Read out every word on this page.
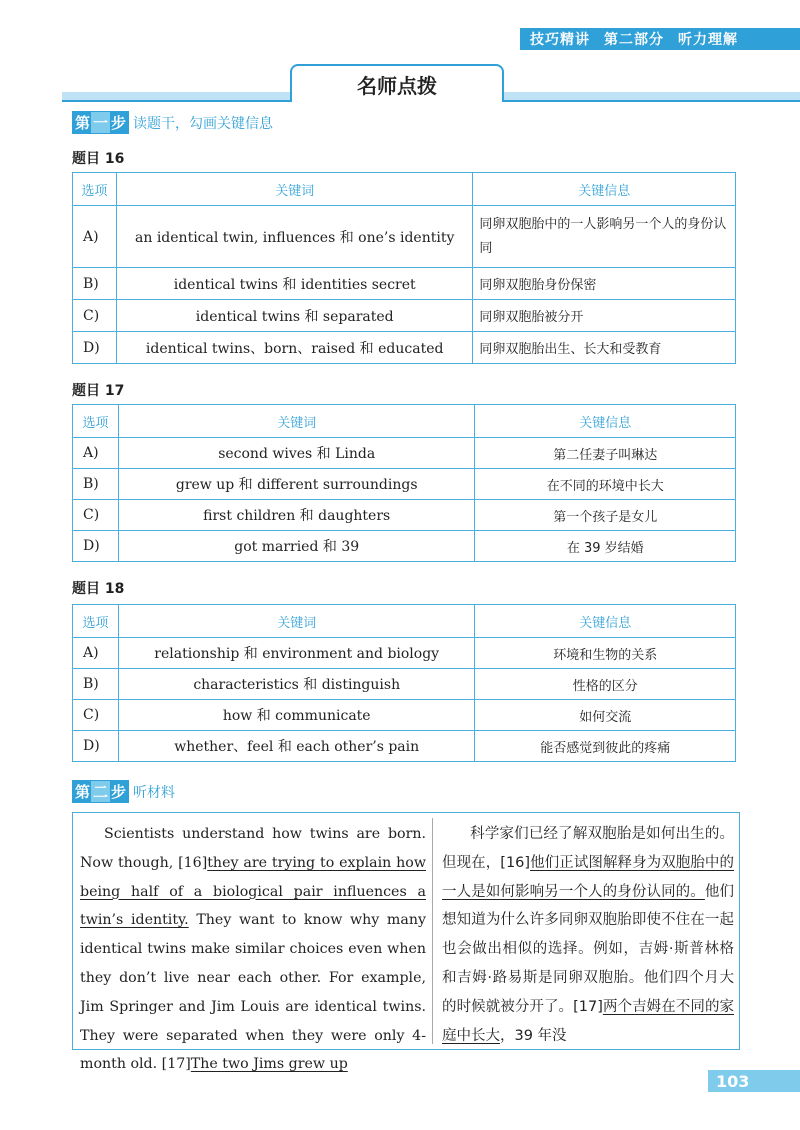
技巧精讲 第二部分 听力理解
名师点拨
第 一 步 读题干，勾画关键信息
题目 16
选项	关键词	关键信息
A)	an identical twin, influences 和 one’s identity	同卵双胞胎中的一人影响另一个人的身份认同
B)	identical twins 和 identities secret	同卵双胞胎身份保密
C)	identical twins 和 separated	同卵双胞胎被分开
D)	identical twins、born、raised 和 educated	同卵双胞胎出生、长大和受教育
题目 17
选项	关键词	关键信息
A)	second wives 和 Linda	第二任妻子叫琳达
B)	grew up 和 different surroundings	在不同的环境中长大
C)	first children 和 daughters	第一个孩子是女儿
D)	got married 和 39	在 39 岁结婚
题目 18
选项	关键词	关键信息
A)	relationship 和 environment and biology	环境和生物的关系
B)	characteristics 和 distinguish	性格的区分
C)	how 和 communicate	如何交流
D)	whether、feel 和 each other’s pain	能否感觉到彼此的疼痛
第 二 步 听材料
Scientists understand how twins are born. Now though, [16]they are trying to explain how being half of a biological pair influences a twin’s identity. They want to know why many identical twins make similar choices even when they don’t live near each other. For example, Jim Springer and Jim Louis are identical twins. They were separated when they were only 4-month old. [17]The two Jims grew up
科学家们已经了解双胞胎是如何出生的。但现在，[16]他们正试图解释身为双胞胎中的一人是如何影响另一个人的身份认同的。他们想知道为什么许多同卵双胞胎即使不住在一起也会做出相似的选择。例如，吉姆·斯普林格和吉姆·路易斯是同卵双胞胎。他们四个月大的时候就被分开了。[17]两个吉姆在不同的家庭中长大，39 年没
103
